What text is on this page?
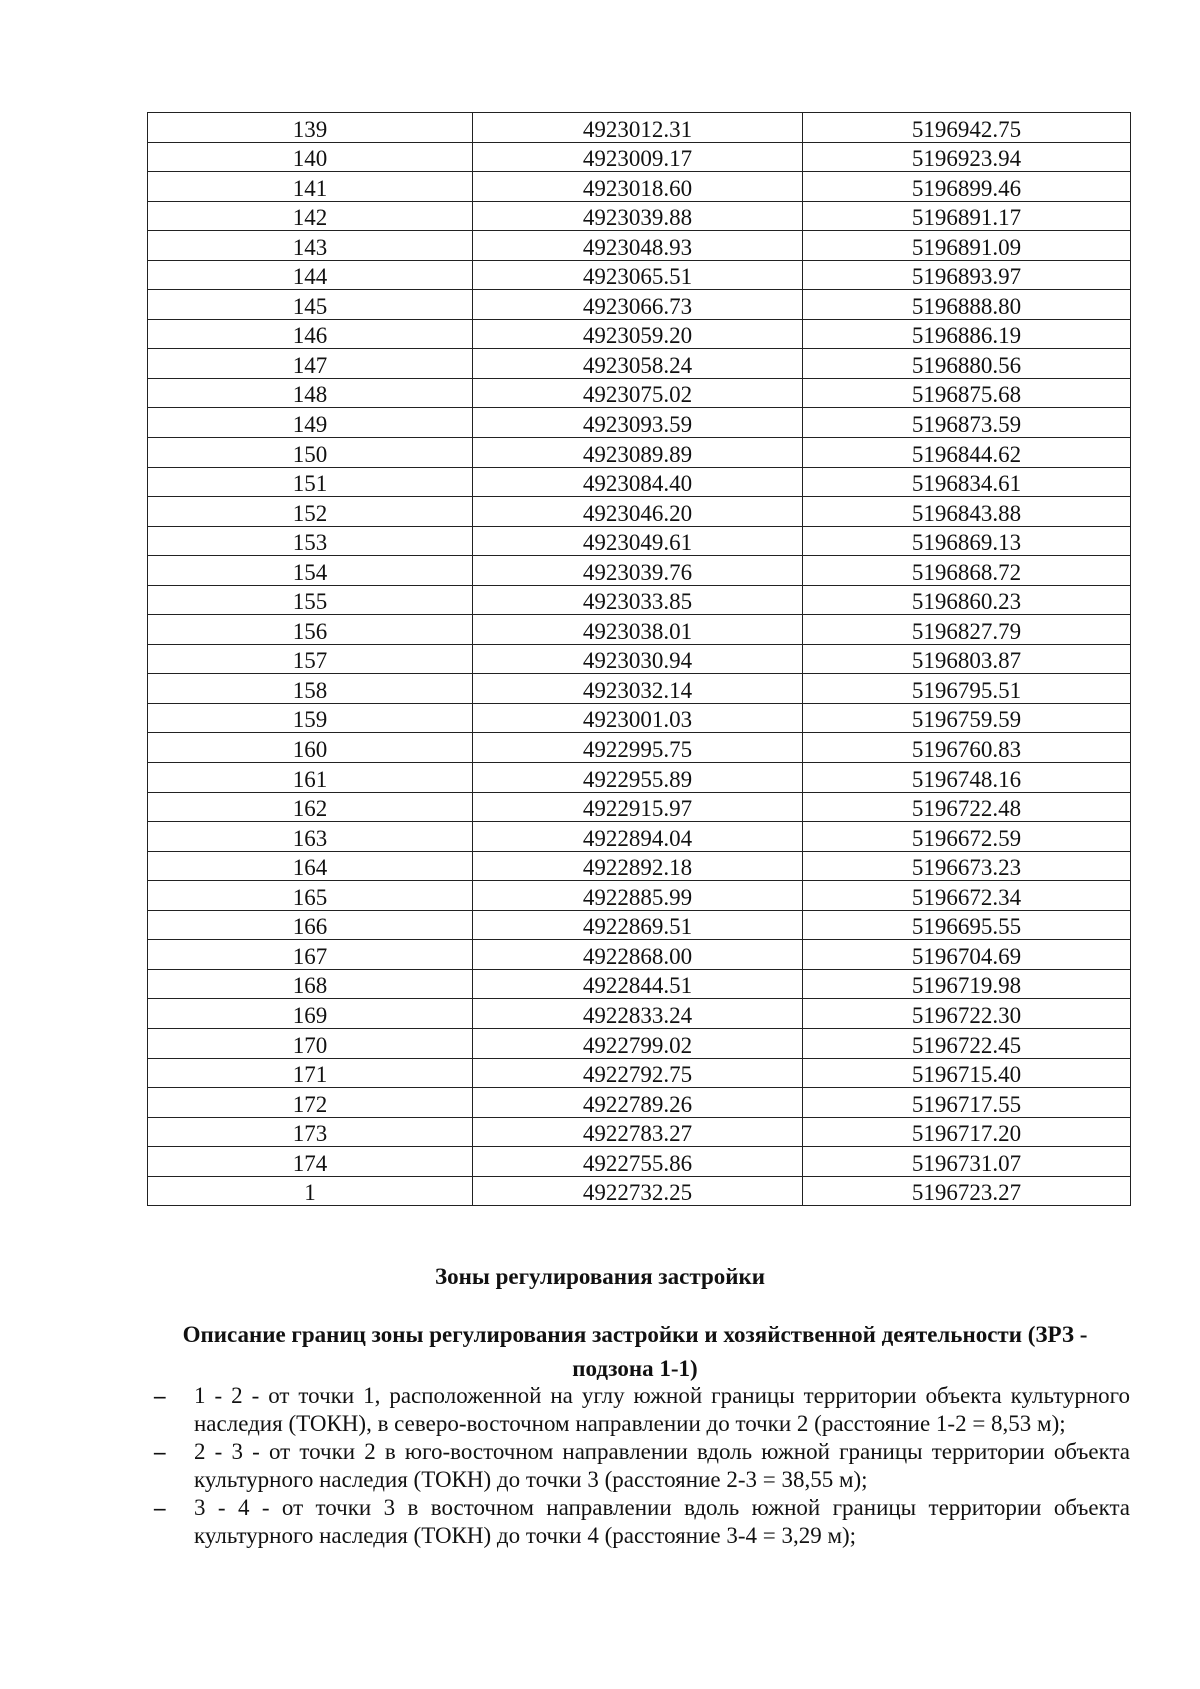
139	4923012.31	5196942.75
140	4923009.17	5196923.94
141	4923018.60	5196899.46
142	4923039.88	5196891.17
143	4923048.93	5196891.09
144	4923065.51	5196893.97
145	4923066.73	5196888.80
146	4923059.20	5196886.19
147	4923058.24	5196880.56
148	4923075.02	5196875.68
149	4923093.59	5196873.59
150	4923089.89	5196844.62
151	4923084.40	5196834.61
152	4923046.20	5196843.88
153	4923049.61	5196869.13
154	4923039.76	5196868.72
155	4923033.85	5196860.23
156	4923038.01	5196827.79
157	4923030.94	5196803.87
158	4923032.14	5196795.51
159	4923001.03	5196759.59
160	4922995.75	5196760.83
161	4922955.89	5196748.16
162	4922915.97	5196722.48
163	4922894.04	5196672.59
164	4922892.18	5196673.23
165	4922885.99	5196672.34
166	4922869.51	5196695.55
167	4922868.00	5196704.69
168	4922844.51	5196719.98
169	4922833.24	5196722.30
170	4922799.02	5196722.45
171	4922792.75	5196715.40
172	4922789.26	5196717.55
173	4922783.27	5196717.20
174	4922755.86	5196731.07
1	4922732.25	5196723.27
Зоны регулирования застройки
Описание границ зоны регулирования застройки и хозяйственной деятельности (ЗРЗ - подзона 1-1)
– 1 - 2 - от точки 1, расположенной на углу южной границы территории объекта культурного наследия (ТОКН), в северо-восточном направлении до точки 2 (расстояние 1-2 = 8,53 м);
– 2 - 3 - от точки 2 в юго-восточном направлении вдоль южной границы территории объекта культурного наследия (ТОКН) до точки 3 (расстояние 2-3 = 38,55 м);
– 3 - 4 - от точки 3 в восточном направлении вдоль южной границы территории объекта культурного наследия (ТОКН) до точки 4 (расстояние 3-4 = 3,29 м);
